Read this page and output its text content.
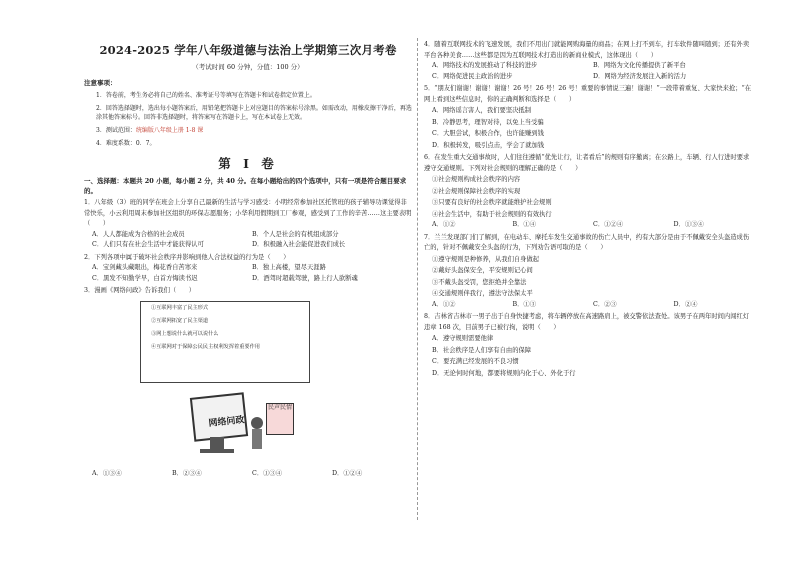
2024-2025 学年八年级道德与法治上学期第三次月考卷
（考试时间 60 分钟，分值：100 分）
注意事项：
1．答卷前，考生务必将自己的姓名、准考证号等填写在答题卡和试卷指定位置上。
2．回答选择题时，选出每小题答案后，用铅笔把答题卡上对应题目的答案标号涂黑。如需改动，用橡皮擦干净后，再选涂其他答案标号。回答非选择题时，将答案写在答题卡上，写在本试卷上无效。
3．测试范围：统编版八年级上册 1-8 课
4．难度系数：0．7。
第 Ⅰ 卷
一、选择题：本题共 20 小题，每小题 2 分，共 40 分。在每小题给出的四个选项中，只有一项是符合题目要求的。
1．八年级（3）班的同学在班会上分享自己最新的生活与学习感受：小明经常参加社区托管班的孩子辅导功课觉得非常快乐，小云利用周末参加社区组织的环保志愿服务；小华利用假期到工厂参观，感受到了工作的辛苦……这主要表明（　　）
A．人人都能成为合格的社会成员	B．个人是社会的有机组成部分
C．人们只有在社会生活中才能获得认可	D．积极融入社会能促进我们成长
2．下列各项中属于破坏社会秩序并影响到他人合法权益的行为是（　　）
A．宝剑藏头藏眼出，梅花香自苦寒来	B．独上高楼，望尽天涯路
C．黑发不知勤学早，白首方悔读书迟	D．酒驾时超载驾驶，路上行人欲断魂
3．漫画《网络问政》告诉我们（　　）
①互联网丰富了民主形式
②互联网拓宽了民主渠道
③网上想说什么就可以说什么
④互联网对于保障公民民主权利发挥着重要作用
网络问政
民声民情
A．①③④	B．②③④	C．①③④	D．①②④
4．随着互联网技术的飞速发展，我们不用出门就能网购海量的商品；在网上打不到车，打车软件随叫随到；还有外卖平台各种美食……这些都是因为互联网技术打造出的新商业模式，这体现出（　　）
A．网络技术的发展推动了科技的进步	B．网络为文化传播提供了新平台
C．网络促进民主政治的进步	D．网络为经济发展注入新的活力
5．“朋友们谢谢！谢谢！谢谢！26 号！26 号！26 号！重要的事情说三遍！谢谢！”一段带着重复、大家快来抢；“在网上看到这些信息时，你的正确判断和选择是（　　）
A．网络谣言害人，我们要坚决抵制
B．冷静思考，理智对待，以免上当受骗
C．大胆尝试，积极合作，也许能赚到钱
D．积极转发，吸引点击，学会了就加钱
6．在发生重大交通事故时，人们往往遵循“优先让行，让者看后”的规则有序撤离；在公路上，车辆、行人行进时要求遵守交通规则。下列对社会规则的理解正确的是（　　）
①社会规则构成社会秩序的内容
②社会规则保障社会秩序的实现
③只要有良好的社会秩序就能维护社会规则
④社会生活中，有助于社会规则的有效执行
A．①②	B．①④	C．①②④	D．①③④
7．兰兰发现部门们了解到，在电动车、摩托车发生交通事故的伤亡人员中，约有大部分是由于不佩戴安全头盔造成伤亡的，针对不佩戴安全头盔的行为，下列劝告语可取的是（　　）
①遵守规则是种修养，从我们自身做起
②戴好头盔保安全，平安规则记心间
③不戴头盔受罚，您拒绝并全靠法
④交通规则伴我行，遵法守法保太平
A．①②	B．①③	C．②③	D．②④
8．吉林省吉林市一男子出于自身快捷考虑，将车辆停放在高速路肩上，被交警依法查处。该男子在两年时间内闯红灯违章 168 次，目前男子已被行拘，说明（　　）
A．遵守规则需要他律
B．社会秩序是人们享有自由的保障
C．要充满已经发展的不良习惯
D．无论何时何地，都要将规则内化于心、外化于行
